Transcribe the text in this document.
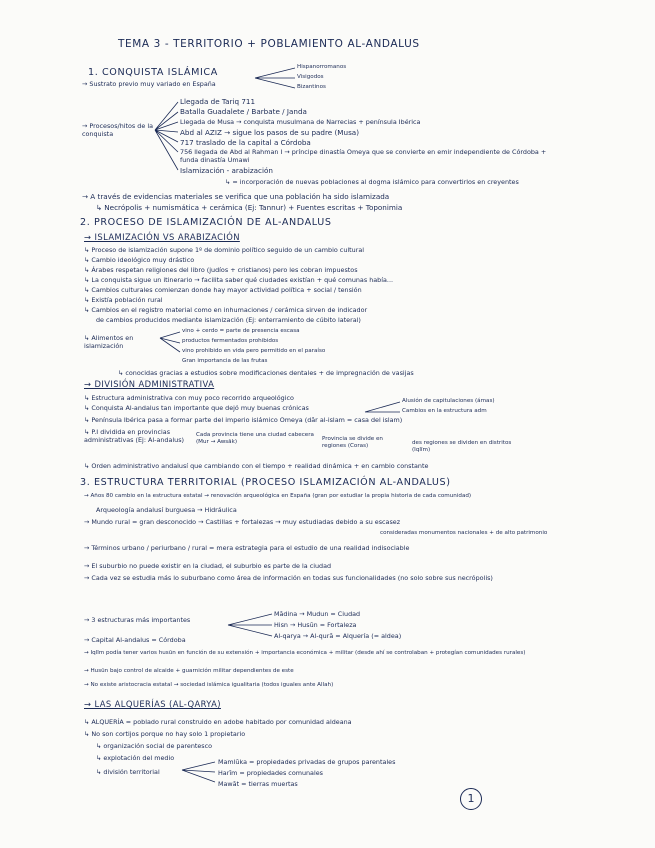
TEMA 3 - TERRITORIO + POBLAMIENTO AL-ANDALUS
1. CONQUISTA ISLÁMICA	Hispanorromanos
Visigodos
Bizantinos
→ Sustrato previo muy variado en España
→ Procesos/hitos de la conquista
Llegada de Tariq 711
Batalla Guadalete / Barbate / Janda
Llegada de Musa → conquista musulmana de Narrecias + península Ibérica
Abd al AZIZ → sigue los pasos de su padre (Musa)
717 traslado de la capital a Córdoba
756 llegada de Abd al Rahman I → príncipe dinastía Omeya que se convierte en emir independiente de Córdoba + funda dinastía Umawi
Islamización - arabización
↳ = incorporación de nuevas poblaciones al dogma islámico para convertirlos en creyentes
→ A través de evidencias materiales se verifica que una población ha sido islamizada
↳ Necrópolis + numismática + cerámica (Ej: Tannur) + Fuentes escritas + Toponimia
2. PROCESO DE ISLAMIZACIÓN DE AL-ANDALUS
→ ISLAMIZACIÓN VS ARABIZACIÓN
↳ Proceso de islamización supone 1º de dominio político seguido de un cambio cultural
↳ Cambio ideológico muy drástico
↳ Árabes respetan religiones del libro (judíos + cristianos) pero les cobran impuestos
↳ La conquista sigue un itinerario → facilita saber qué ciudades existían + qué comunas había...
↳ Cambios culturales comienzan donde hay mayor actividad política + social / tensión
↳ Existía población rural
↳ Cambios en el registro material como en inhumaciones / cerámica sirven de indicador
de cambios producidos mediante islamización (Ej: enterramiento de cúbito lateral)
↳ Alimentos en islamización
vino + cerdo = parte de presencia escasa
productos fermentados prohibidos
vino prohibido en vida pero permitido en el paraíso
Gran importancia de las frutas
↳ conocidas gracias a estudios sobre modificaciones dentales + de impregnación de vasijas
→ DIVISIÓN ADMINISTRATIVA
↳ Estructura administrativa con muy poco recorrido arqueológico	Alusión de capitulaciones (ámas)
Cambios en la estructura adm
↳ Conquista Al-andalus tan importante que dejó muy buenas crónicas
↳ Península Ibérica pasa a formar parte del imperio islámico Omeya (dār al-islam = casa del islam)
↳ P.I dividida en provincias administrativas (Ej: Al-andalus)
Cada provincia tiene una ciudad cabecera (Mur → Awsāk)	Provincia se divide en regiones (Coras)	des regiones se dividen en distritos (Iqlīm)
↳ Orden administrativo andalusí que cambiando con el tiempo + realidad dinámica + en cambio constante
3. ESTRUCTURA TERRITORIAL (PROCESO ISLAMIZACIÓN AL-ANDALUS)
→ Años 80 cambio en la estructura estatal → renovación arqueológica en España (gran por estudiar la propia historia de cada comunidad)
Arqueología andalusí burguesa → Hidráulica
→ Mundo rural = gran desconocido → Castillas + fortalezas → muy estudiadas debido a su escasez
consideradas monumentos nacionales + de alto patrimonio
→ Términos urbano / periurbano / rural = mera estrategia para el estudio de una realidad indisociable
→ El suburbio no puede existir en la ciudad, el suburbio es parte de la ciudad
→ Cada vez se estudia más lo suburbano como área de información en todas sus funcionalidades (no solo sobre sus necrópolis)
→ 3 estructuras más importantes
Mādina → Mudun = Ciudad
Hisn → Husūn = Fortaleza
Al-qarya → Al-qurā = Alquería (= aldea)
→ Capital Al-andalus = Córdoba
→ Iqlīm podía tener varios husūn en función de su extensión + importancia económica + militar (desde ahí se controlaban + protegían comunidades rurales)
→ Husūn bajo control de alcaide + guarnición militar dependientes de este
→ No existe aristocracia estatal → sociedad islámica igualitaria (todos iguales ante Allah)
→ LAS ALQUERÍAS (AL-QARYA)
↳ ALQUERÍA = poblado rural construido en adobe habitado por comunidad aldeana
↳ No son cortijos porque no hay solo 1 propietario
↳ organización social de parentesco
↳ explotación del medio
↳ división territorial
Mamlūka = propiedades privadas de grupos parentales
Harīm = propiedades comunales
Mawāt = tierras muertas
1
